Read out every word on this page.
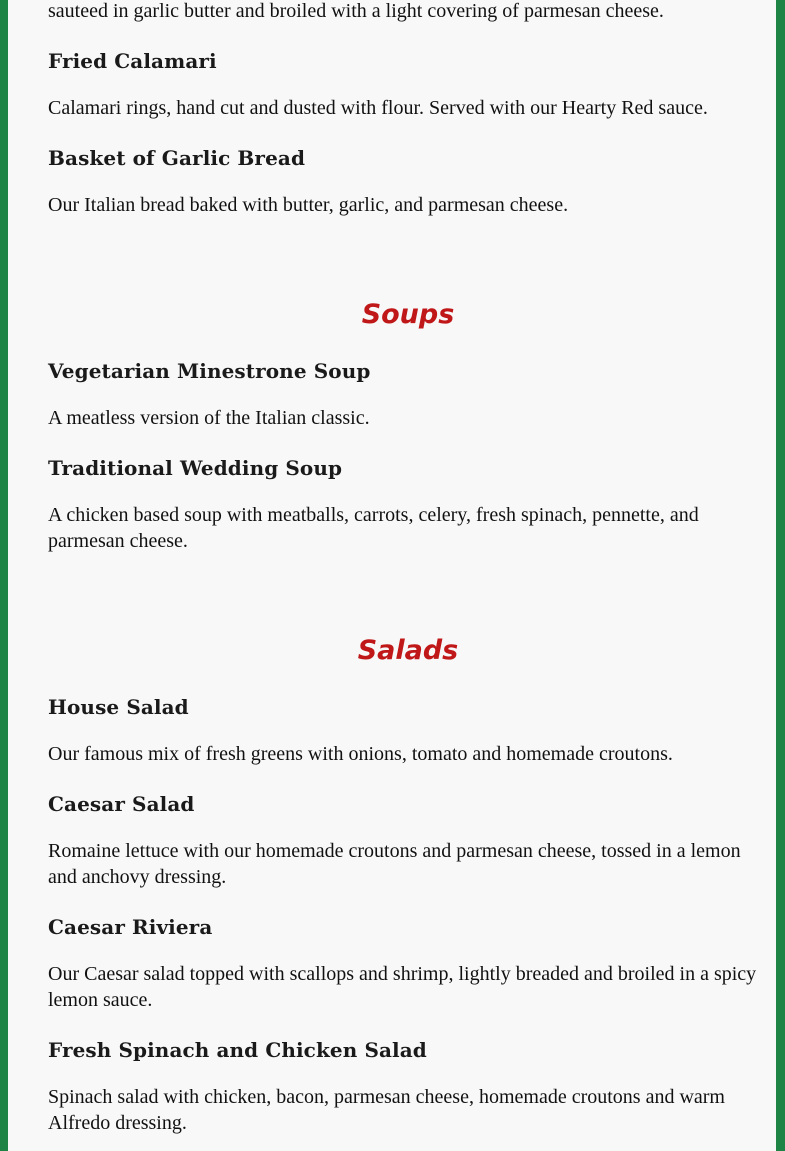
sauteed in garlic butter and broiled with a light covering of parmesan cheese.

Fried Calamari

Calamari rings, hand cut and dusted with flour. Served with our Hearty Red sauce.

Basket of Garlic Bread

Our Italian bread baked with butter, garlic, and parmesan cheese.

Soups
Vegetarian Minestrone Soup

A meatless version of the Italian classic.

Traditional Wedding Soup

A chicken based soup with meatballs, carrots, celery, fresh spinach, pennette, and parmesan cheese.

Salads
House Salad

Our famous mix of fresh greens with onions, tomato and homemade croutons.

Caesar Salad

Romaine lettuce with our homemade croutons and parmesan cheese, tossed in a lemon and anchovy dressing.

Caesar Riviera

Our Caesar salad topped with scallops and shrimp, lightly breaded and broiled in a spicy lemon sauce.

Fresh Spinach and Chicken Salad

Spinach salad with chicken, bacon, parmesan cheese, homemade croutons and warm Alfredo dressing.
